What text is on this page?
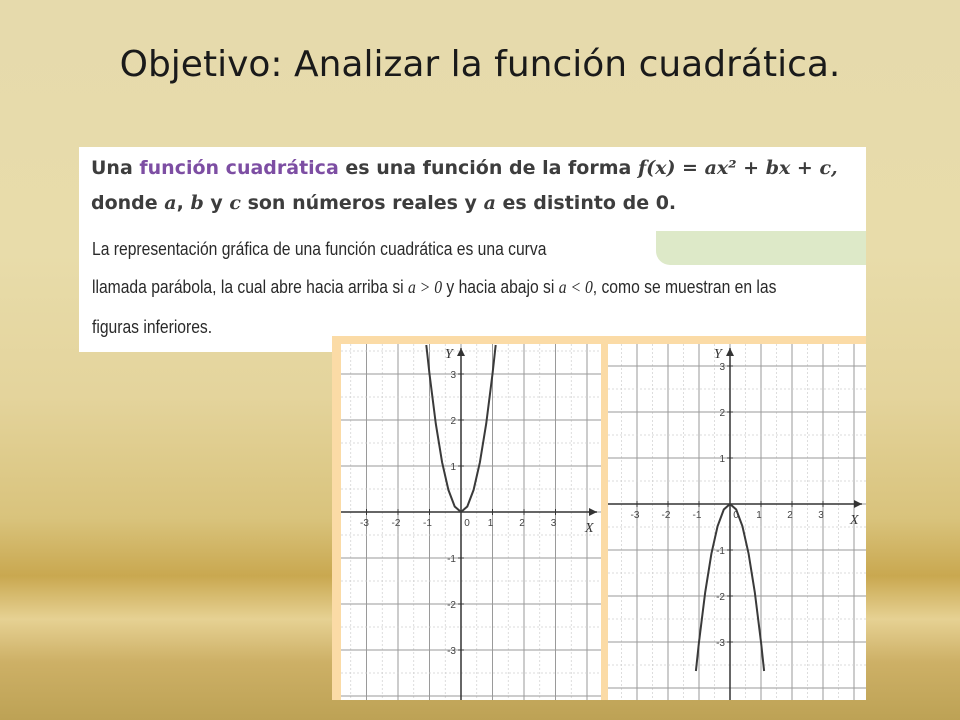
Objetivo: Analizar la función cuadrática.
Una función cuadrática es una función de la forma f(x) = ax² + bx + c,
donde a, b y c son números reales y a es distinto de 0.
La representación gráfica de una función cuadrática es una curva
llamada parábola, la cual abre hacia arriba si a > 0 y hacia abajo si a < 0, como se muestran en las
figuras inferiores.
-3 -2 -1	0 1	2	3
-3
-2
-1
1
2
3
X
Y
-3 -2 -1	0 1	2	3
-3
-2
-1
1
2
3
X
Y
